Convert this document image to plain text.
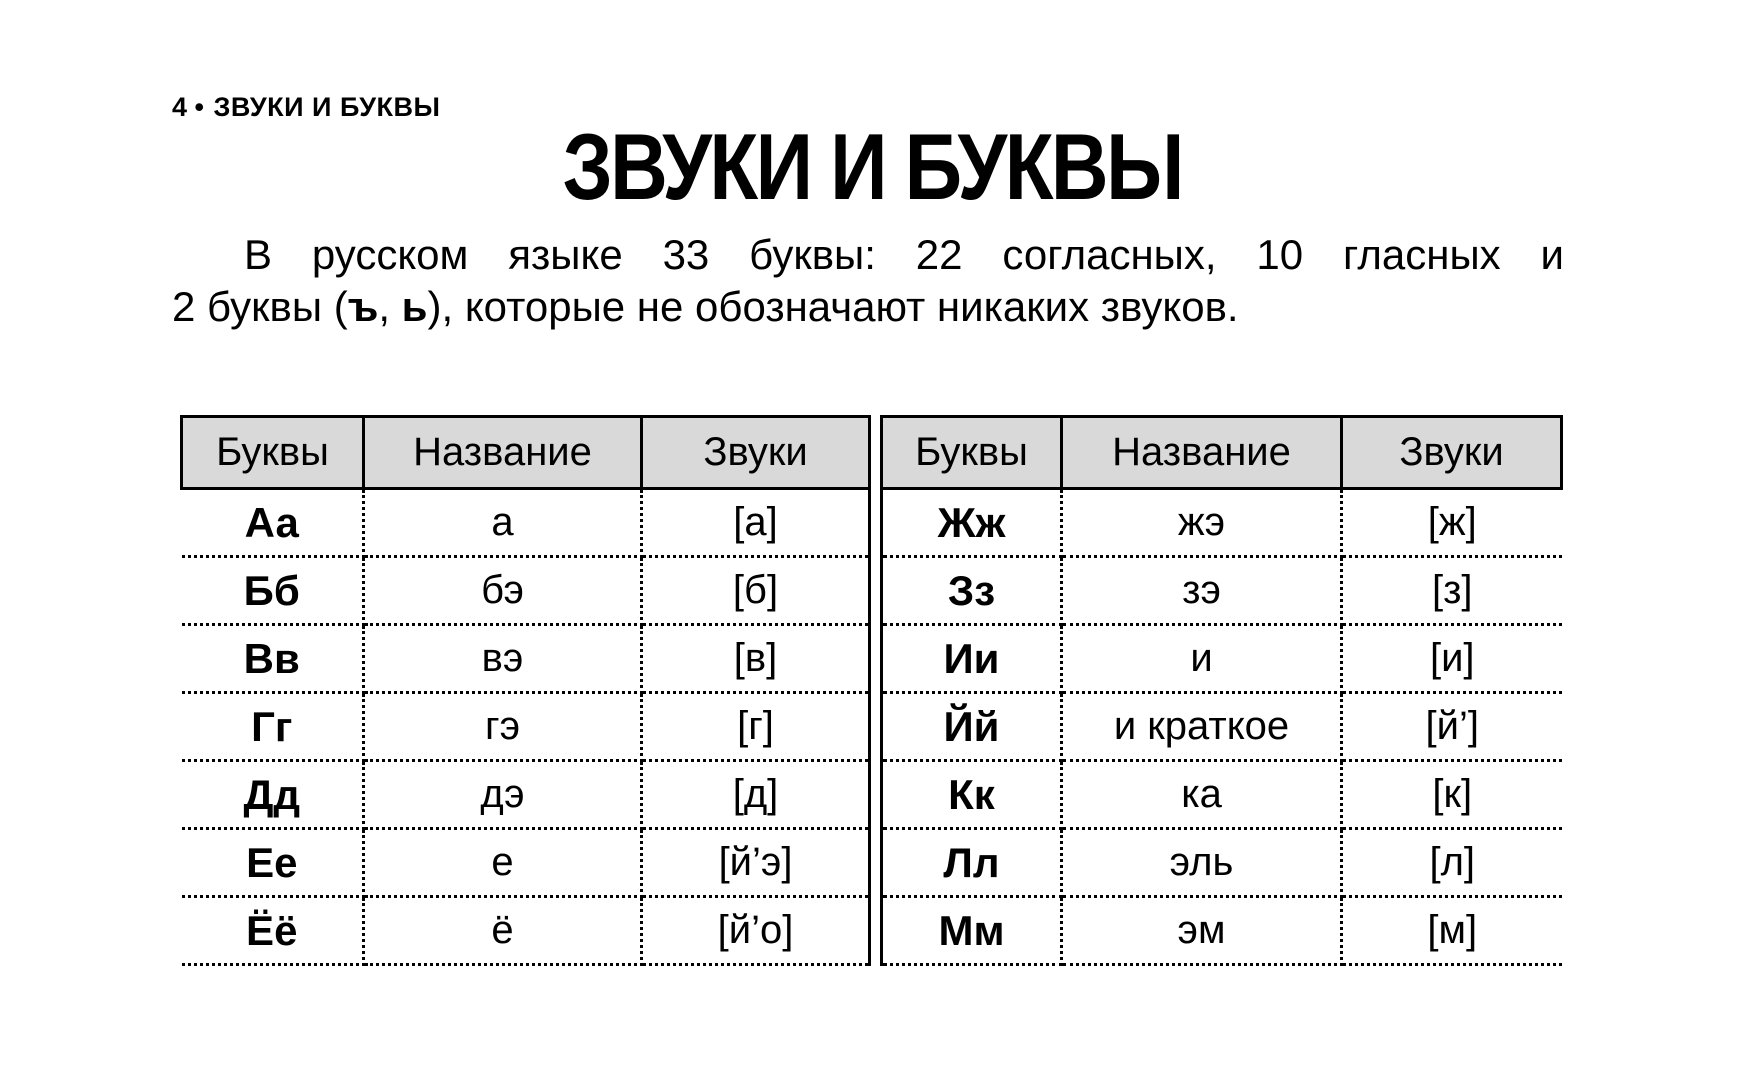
4 • ЗВУКИ И БУКВЫ
ЗВУКИ И БУКВЫ
В русском языке 33 буквы: 22 согласных, 10 гласных и
2 буквы (ъ, ь), которые не обозначают никаких звуков.
Буквы	Название	Звуки
Аа	а	[а]
Бб	бэ	[б]
Вв	вэ	[в]
Гг	гэ	[г]
Дд	дэ	[д]
Ее	е	[й’э]
Ёё	ё	[й’о]
Буквы	Название	Звуки
Жж	жэ	[ж]
Зз	зэ	[з]
Ии	и	[и]
Йй	и краткое	[й’]
Кк	ка	[к]
Лл	эль	[л]
Мм	эм	[м]
